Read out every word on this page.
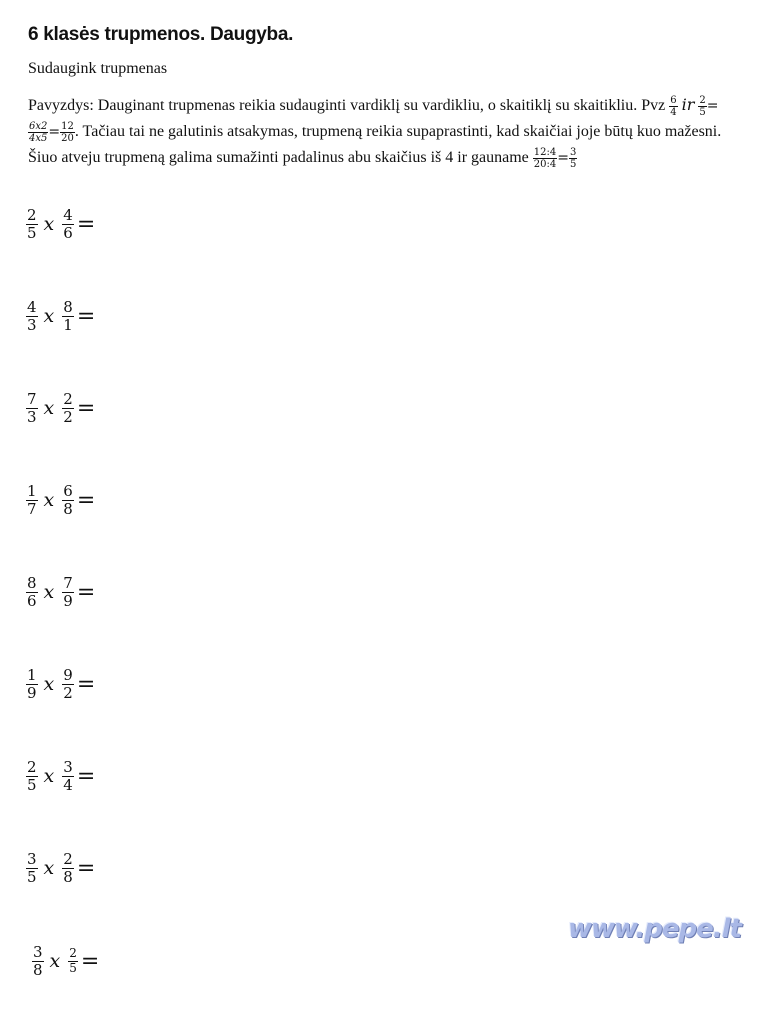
6 klasės trupmenos. Daugyba.
Sudaugink trupmenas
Pavyzdys: Dauginant trupmenas reikia sudauginti vardiklį su vardikliu, o skaitiklį su skaitikliu. Pvz $\frac{6}{4}$ ir $\frac{2}{5}$ =
$\frac{6x2}{4x5} = \frac{12}{20}$ . Tačiau tai ne galutinis atsakymas, trupmeną reikia supaprastinti, kad skaičiai joje būtų kuo mažesni. Šiuo atveju trupmeną galima sumažinti padalinus abu skaičius iš 4 ir gauname $\frac{12:4}{20:4} = \frac{3}{5}$
$\frac{2}{5}$ x $\frac{4}{6}$ =
$\frac{4}{3}$ x $\frac{8}{1}$ =
$\frac{7}{3}$ x $\frac{2}{2}$ =
$\frac{1}{7}$ x $\frac{6}{8}$ =
$\frac{8}{6}$ x $\frac{7}{9}$ =
$\frac{1}{9}$ x $\frac{9}{2}$ =
$\frac{2}{5}$ x $\frac{3}{4}$ =
$\frac{3}{5}$ x $\frac{2}{8}$ =
$\frac{3}{8}$ x $\frac{2}{5}$ =
www.pepe.lt
